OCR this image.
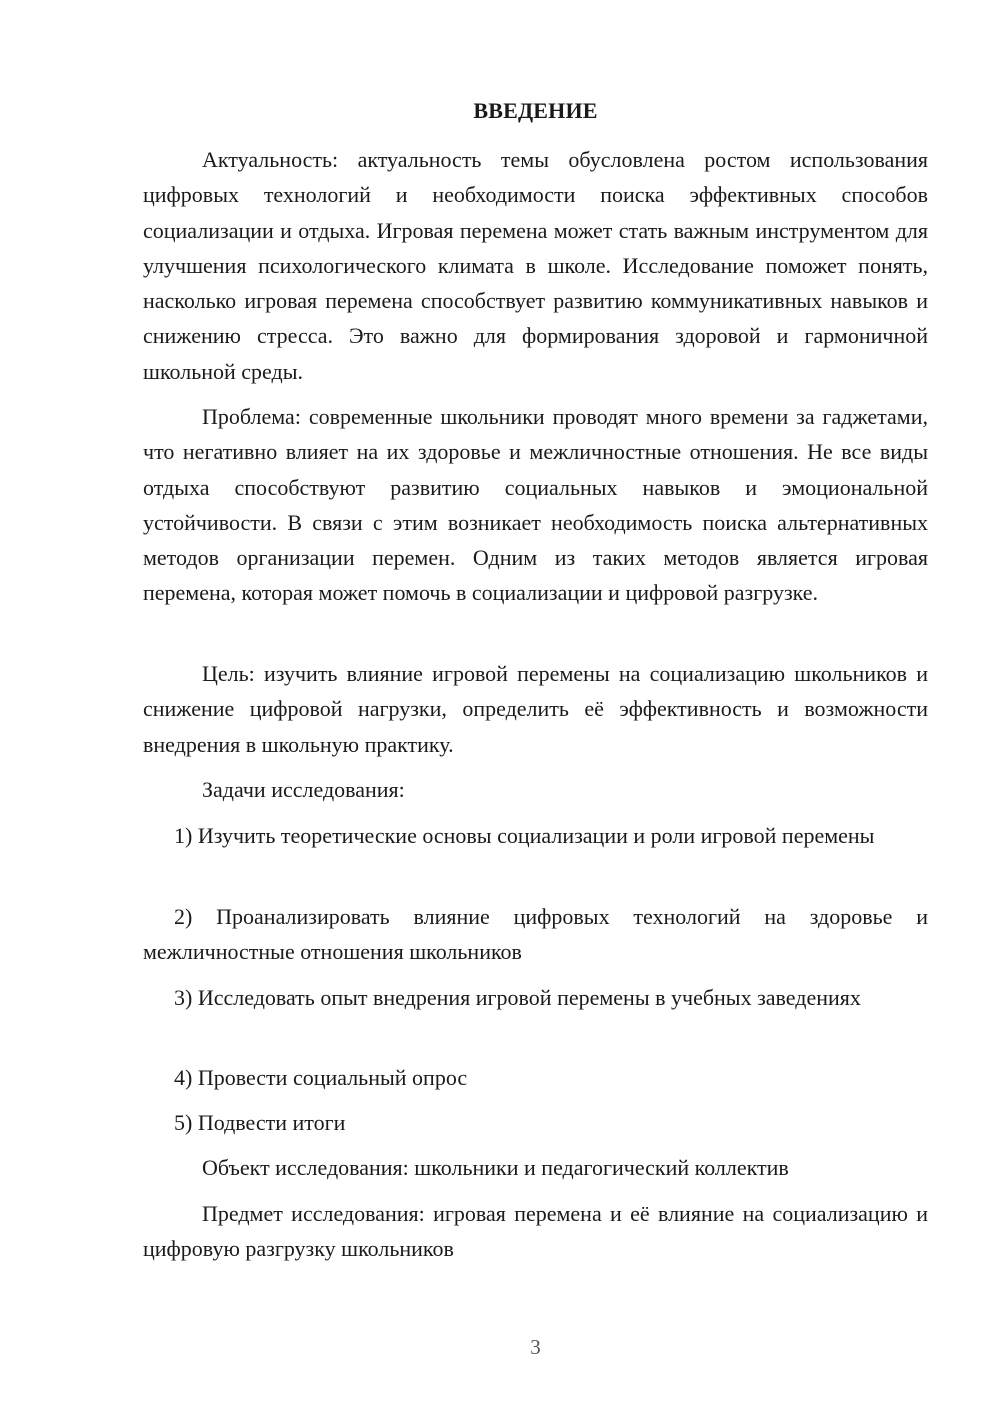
ВВЕДЕНИЕ

Актуальность: актуальность темы обусловлена ростом использования цифровых технологий и необходимости поиска эффективных способов социализации и отдыха. Игровая перемена может стать важным инструментом для улучшения психологического климата в школе. Исследование поможет понять, насколько игровая перемена способствует развитию коммуникативных навыков и снижению стресса. Это важно для формирования здоровой и гармоничной школьной среды.

Проблема: современные школьники проводят много времени за гаджетами, что негативно влияет на их здоровье и межличностные отношения. Не все виды отдыха способствуют развитию социальных навыков и эмоциональной устойчивости. В связи с этим возникает необходимость поиска альтернативных методов организации перемен. Одним из таких методов является игровая перемена, которая может помочь в социализации и цифровой разгрузке.

Цель: изучить влияние игровой перемены на социализацию школьников и снижение цифровой нагрузки, определить её эффективность и возможности внедрения в школьную практику.

Задачи исследования:

1) Изучить теоретические основы социализации и роли игровой перемены

2) Проанализировать влияние цифровых технологий на здоровье и межличностные отношения школьников

3) Исследовать опыт внедрения игровой перемены в учебных заведениях

4) Провести социальный опрос

5) Подвести итоги

Объект исследования: школьники и педагогический коллектив

Предмет исследования: игровая перемена и её влияние на социализацию и цифровую разгрузку школьников

3
